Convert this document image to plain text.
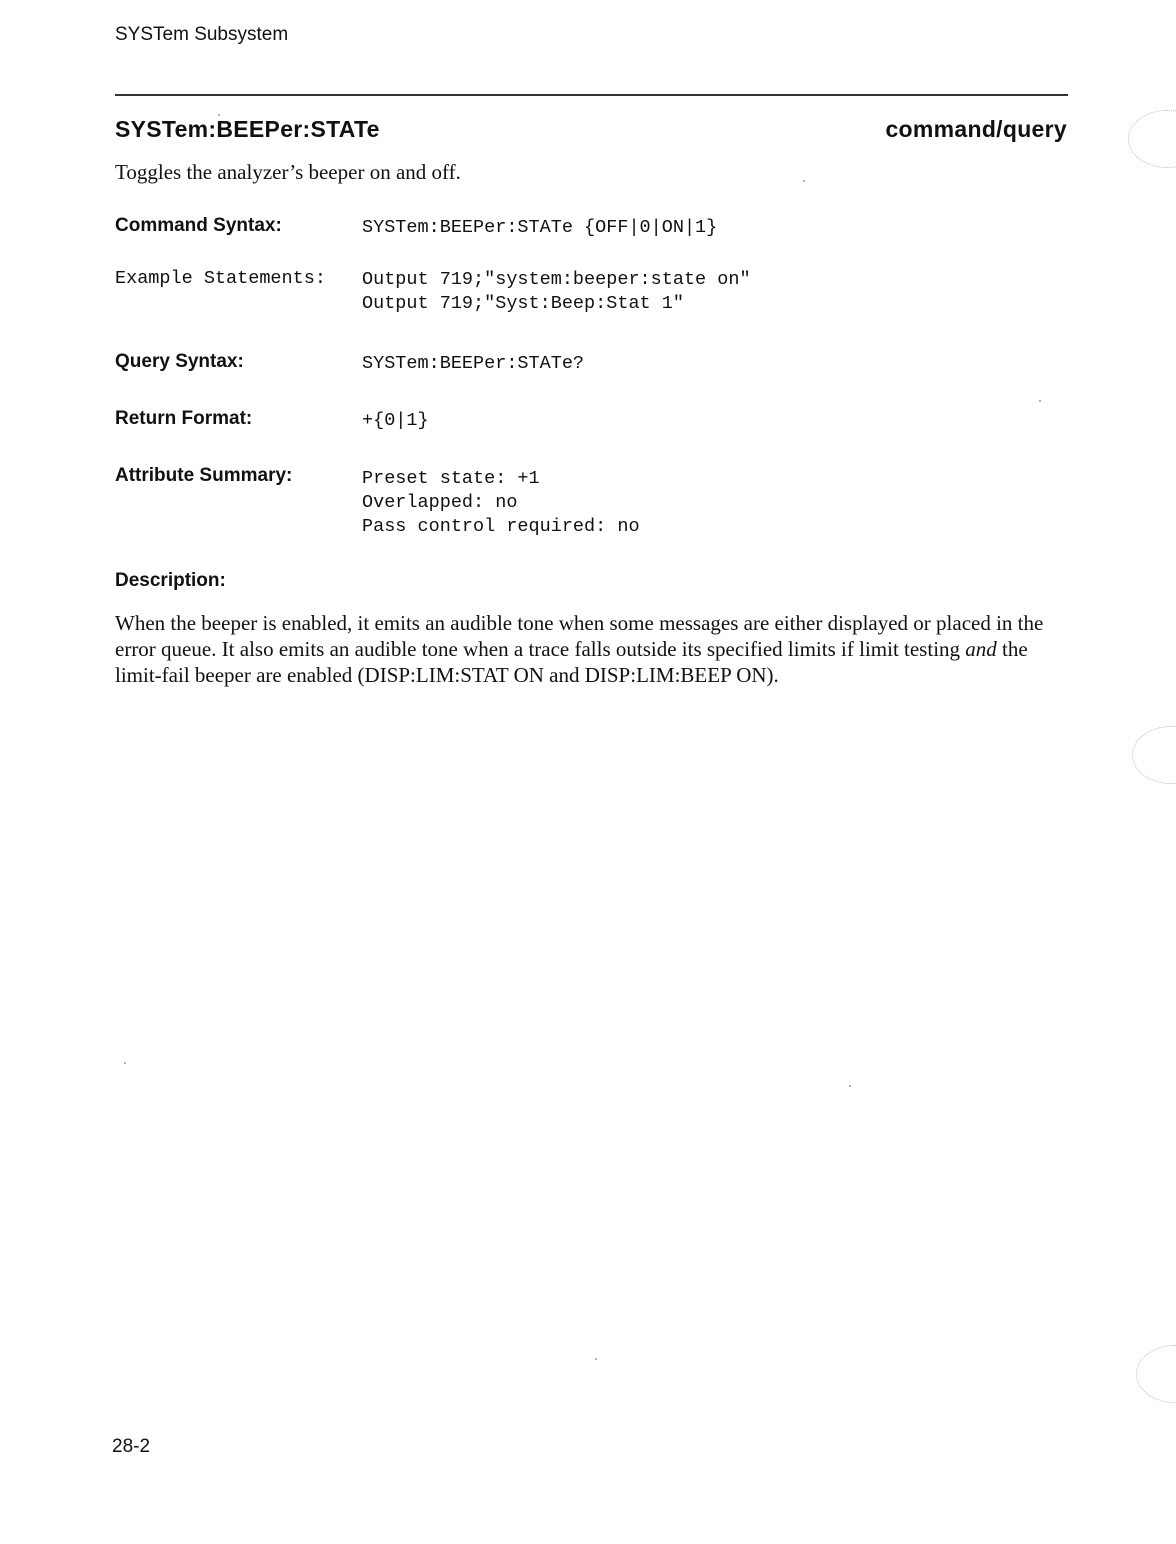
SYSTem Subsystem
SYSTem:BEEPer:STATe	command/query
Toggles the analyzer’s beeper on and off.
Command Syntax:	SYSTem:BEEPer:STATe {OFF|0|ON|1}
Example Statements: Output 719;"system:beeper:state on"
Output 719;"Syst:Beep:Stat 1"
Query Syntax:	SYSTem:BEEPer:STATe?
Return Format:	+{0|1}
Attribute Summary:	Preset state: +1
Overlapped: no
Pass control required: no
Description:
When the beeper is enabled, it emits an audible tone when some messages are either displayed or placed in the error queue. It also emits an audible tone when a trace falls outside its specified limits if limit testing and the limit-fail beeper are enabled (DISP:LIM:STAT ON and DISP:LIM:BEEP ON).
28-2
